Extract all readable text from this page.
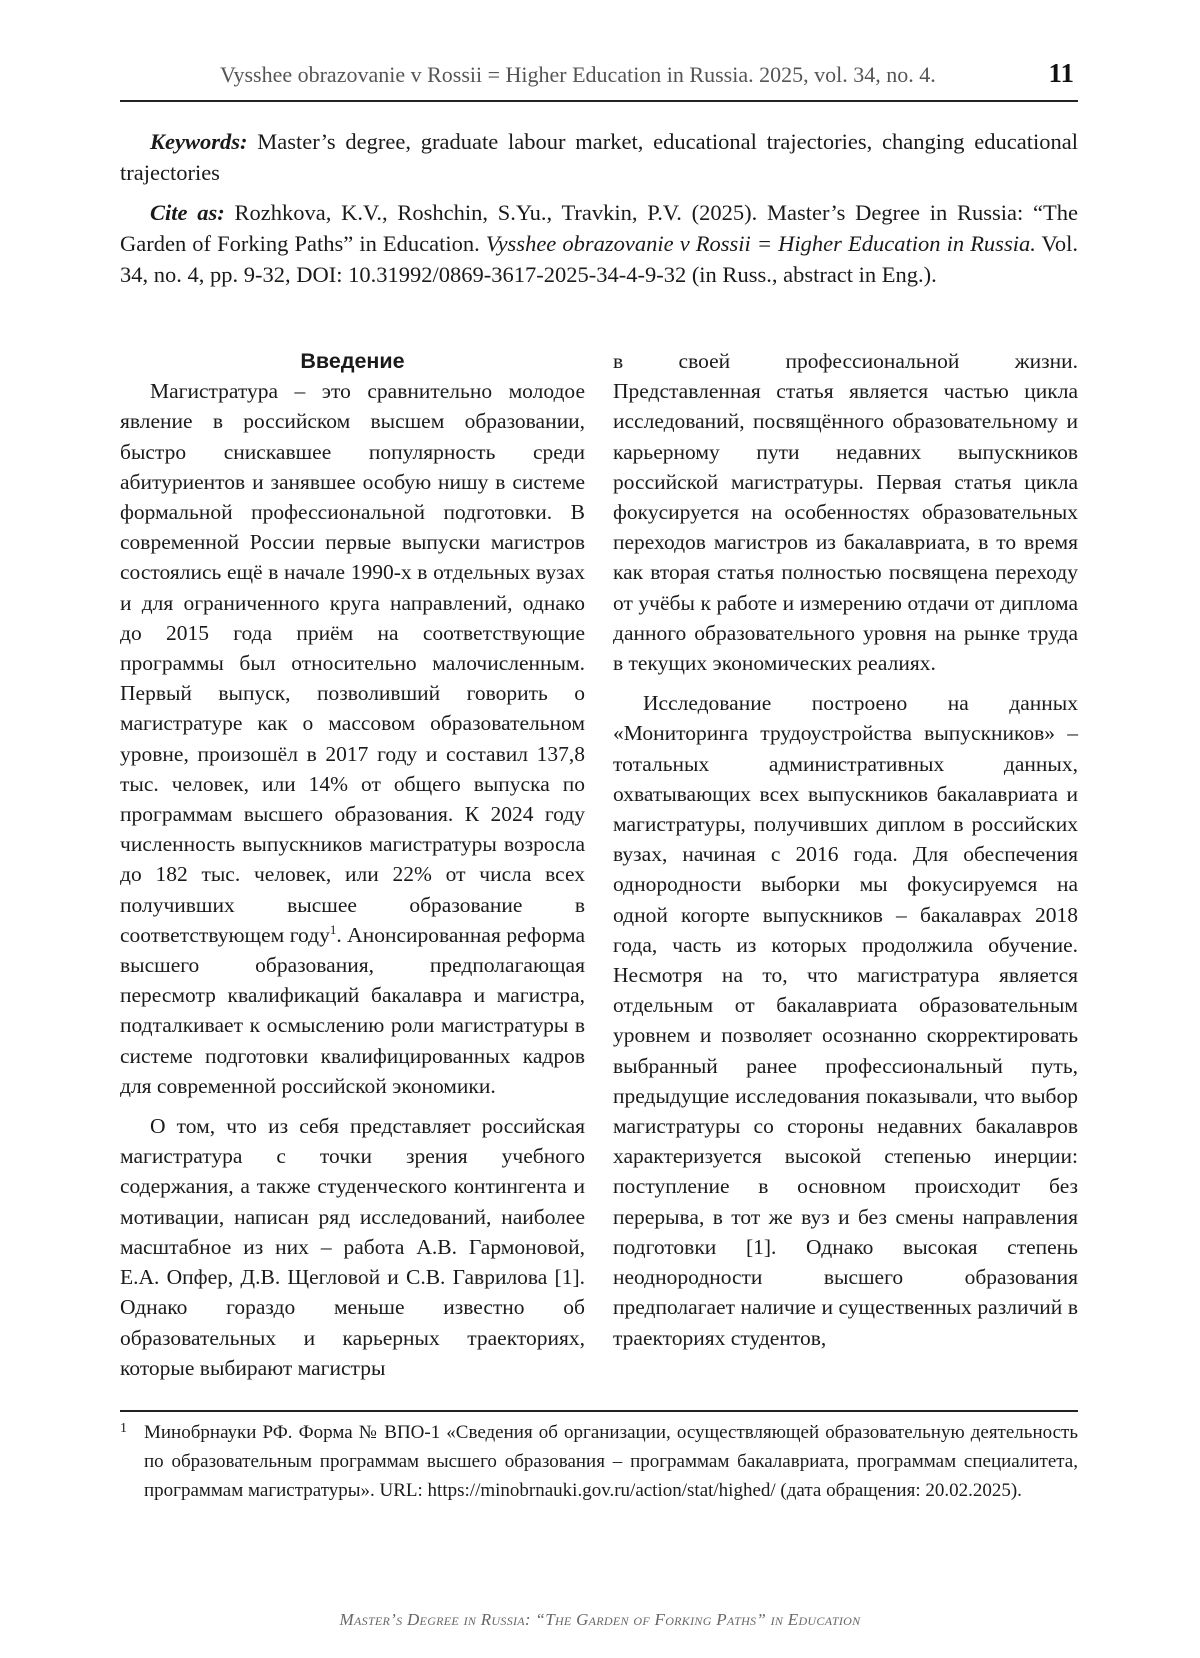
Vysshee obrazovanie v Rossii = Higher Education in Russia. 2025, vol. 34, no. 4.	11

Keywords: Master’s degree, graduate labour market, educational trajectories, changing educational trajectories

Cite as: Rozhkova, K.V., Roshchin, S.Yu., Travkin, P.V. (2025). Master’s Degree in Russia: “The Garden of Forking Paths” in Education. Vysshee obrazovanie v Rossii = Higher Education in Russia. Vol. 34, no. 4, pp. 9-32, DOI: 10.31992/0869-3617-2025-34-4-9-32 (in Russ., abstract in Eng.).

Введение

Магистратура – это сравнительно молодое явление в российском высшем образовании, быстро снискавшее популярность среди абитуриентов и занявшее особую нишу в системе формальной профессиональной подготовки. В современной России первые выпуски магистров состоялись ещё в начале 1990-х в отдельных вузах и для ограниченного круга направлений, однако до 2015 года приём на соответствующие программы был относительно малочисленным. Первый выпуск, позволивший говорить о магистратуре как о массовом образовательном уровне, произошёл в 2017 году и составил 137,8 тыс. человек, или 14% от общего выпуска по программам высшего образования. К 2024 году численность выпускников магистратуры возросла до 182 тыс. человек, или 22% от числа всех получивших высшее образование в соответствующем году$^1$. Анонсированная реформа высшего образования, предполагающая пересмотр квалификаций бакалавра и магистра, подталкивает к осмыслению роли магистратуры в системе подготовки квалифицированных кадров для современной российской экономики.

О том, что из себя представляет российская магистратура с точки зрения учебного содержания, а также студенческого контингента и мотивации, написан ряд исследований, наиболее масштабное из них – работа А.В. Гармоновой, Е.А. Опфер, Д.В. Щегловой и С.В. Гаврилова [1]. Однако гораздо меньше известно об образовательных и карьерных траекториях, которые выбирают магистры

в своей профессиональной жизни. Представленная статья является частью цикла исследований, посвящённого образовательному и карьерному пути недавних выпускников российской магистратуры. Первая статья цикла фокусируется на особенностях образовательных переходов магистров из бакалавриата, в то время как вторая статья полностью посвящена переходу от учёбы к работе и измерению отдачи от диплома данного образовательного уровня на рынке труда в текущих экономических реалиях.

Исследование построено на данных «Мониторинга трудоустройства выпускников» – тотальных административных данных, охватывающих всех выпускников бакалавриата и магистратуры, получивших диплом в российских вузах, начиная с 2016 года. Для обеспечения однородности выборки мы фокусируемся на одной когорте выпускников – бакалаврах 2018 года, часть из которых продолжила обучение. Несмотря на то, что магистратура является отдельным от бакалавриата образовательным уровнем и позволяет осознанно скорректировать выбранный ранее профессиональный путь, предыдущие исследования показывали, что выбор магистратуры со стороны недавних бакалавров характеризуется высокой степенью инерции: поступление в основном происходит без перерыва, в тот же вуз и без смены направления подготовки [1]. Однако высокая степень неоднородности высшего образования предполагает наличие и существенных различий в траекториях студентов,

1 Минобрнауки РФ. Форма № ВПО-1 «Сведения об организации, осуществляющей образовательную деятельность по образовательным программам высшего образования – программам бакалавриата, программам специалитета, программам магистратуры». URL: https://minobrnauki.gov.ru/action/stat/highed/ (дата обращения: 20.02.2025).
Master’s Degree in Russia: “The Garden of Forking Paths” in Education
